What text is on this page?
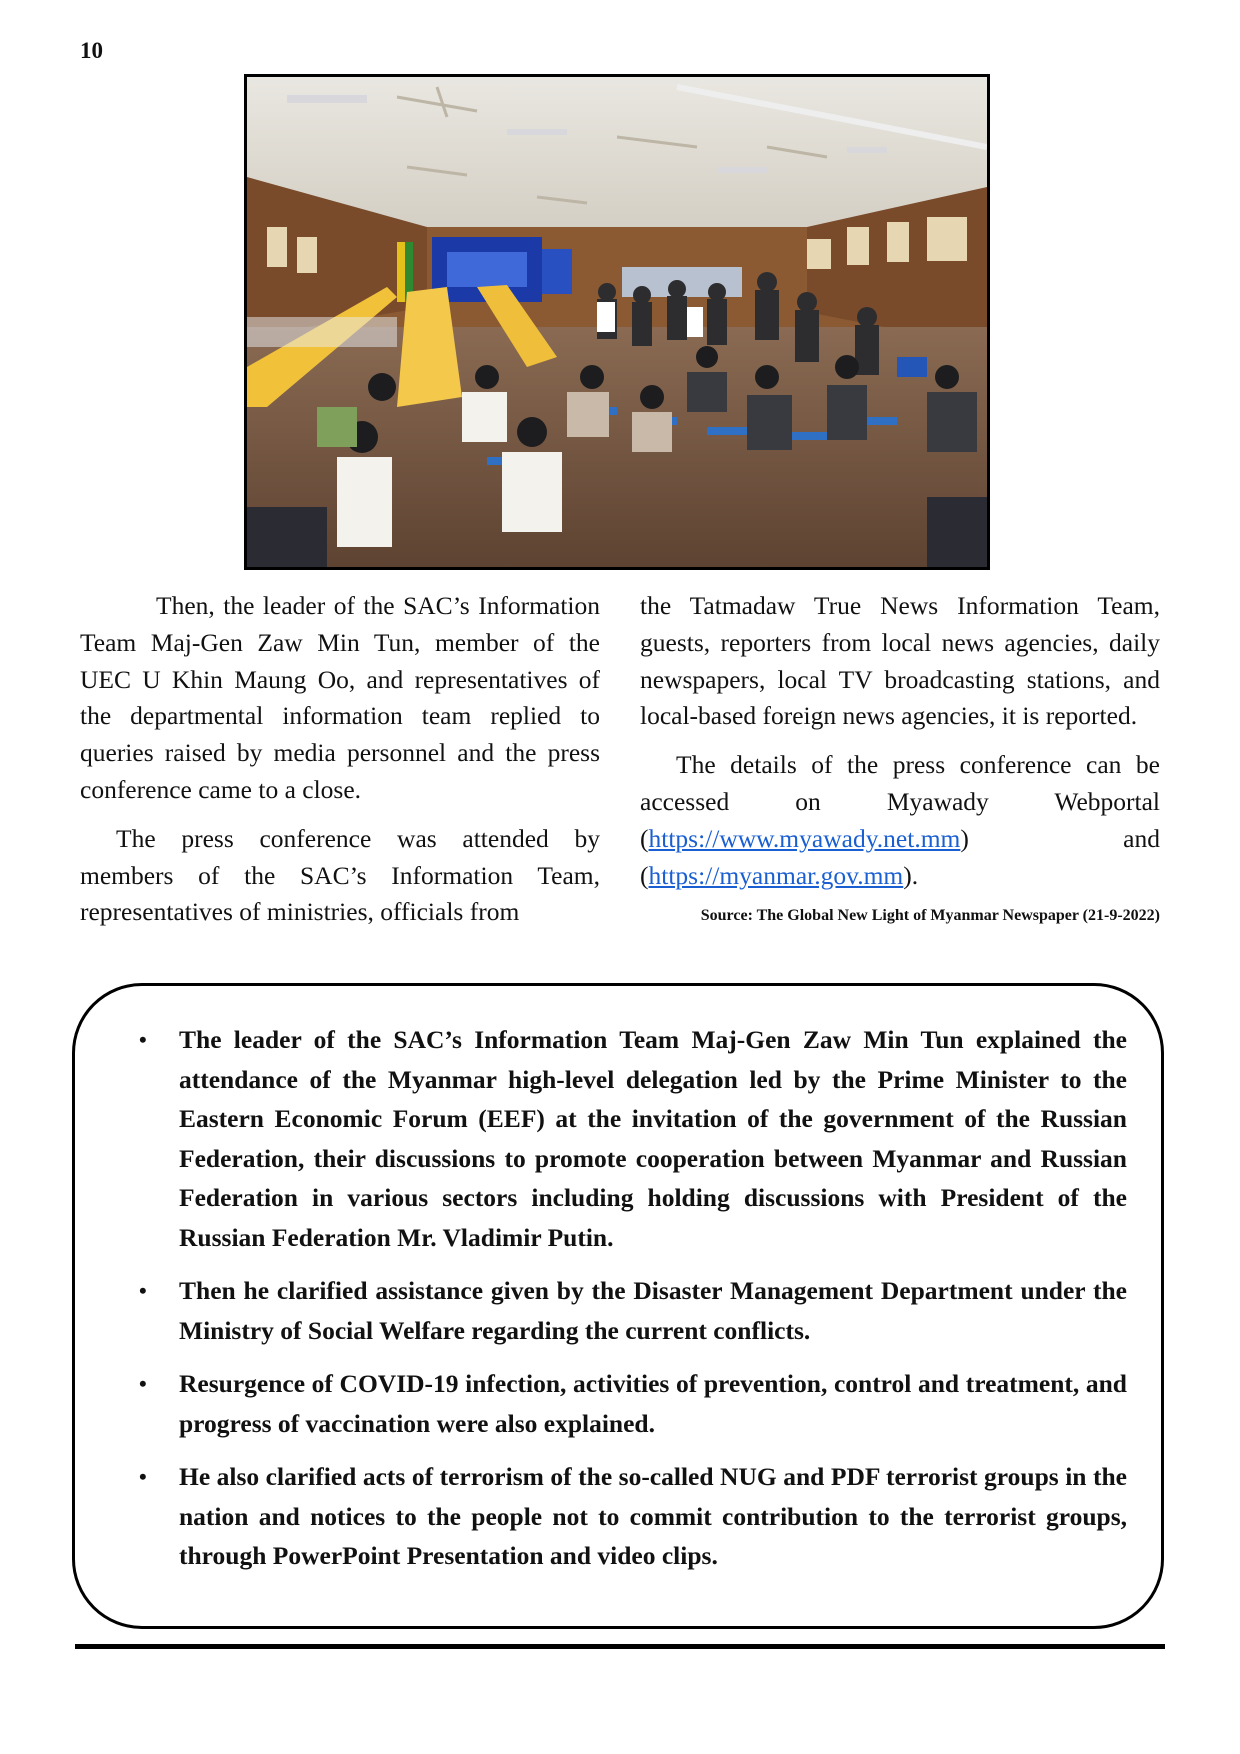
10

Then, the leader of the SAC’s Information Team Maj-Gen Zaw Min Tun, member of the UEC U Khin Maung Oo, and representatives of the departmental information team replied to queries raised by media personnel and the press conference came to a close.

The press conference was attended by members of the SAC’s Information Team, representatives of ministries, officials from

the Tatmadaw True News Information Team, guests, reporters from local news agencies, daily newspapers, local TV broadcasting stations, and local-based foreign news agencies, it is reported.

The details of the press conference can be accessed on Myawady Webportal (https://www.myawady.net.mm) and (https://myanmar.gov.mm).

Source: The Global New Light of Myanmar Newspaper (21-9-2022)
• The leader of the SAC’s Information Team Maj-Gen Zaw Min Tun explained the attendance of the Myanmar high-level delegation led by the Prime Minister to the Eastern Economic Forum (EEF) at the invitation of the government of the Russian Federation, their discussions to promote cooperation between Myanmar and Russian Federation in various sectors including holding discussions with President of the Russian Federation Mr. Vladimir Putin.
• Then he clarified assistance given by the Disaster Management Department under the Ministry of Social Welfare regarding the current conflicts.
• Resurgence of COVID-19 infection, activities of prevention, control and treatment, and progress of vaccination were also explained.
• He also clarified acts of terrorism of the so-called NUG and PDF terrorist groups in the nation and notices to the people not to commit contribution to the terrorist groups, through PowerPoint Presentation and video clips.
